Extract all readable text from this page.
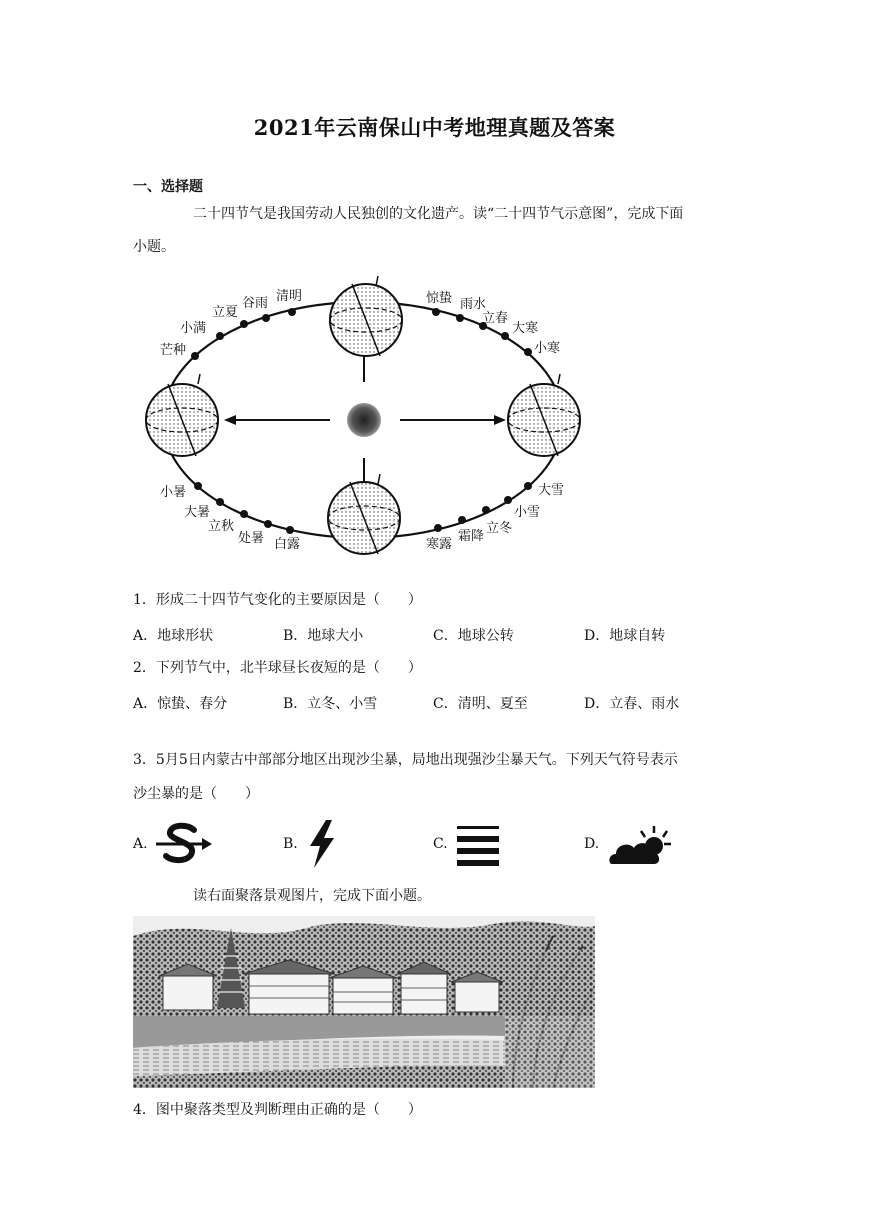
2021年云南保山中考地理真题及答案
一、选择题
二十四节气是我国劳动人民独创的文化遗产。读“二十四节气示意图”，完成下面
小题。
芒种
小满
立夏
谷雨 清明	惊蛰 雨水
立春
大寒
小寒
小暑
大暑
立秋
处暑 白露	寒露
霜降
立冬
小雪
大雪
1．形成二十四节气变化的主要原因是（　　）
A．地球形状	B．地球大小	C．地球公转	D．地球自转
2．下列节气中，北半球昼长夜短的是（　　）
A．惊蛰、春分	B．立冬、小雪	C．清明、夏至	D．立春、雨水
3．5月5日内蒙古中部部分地区出现沙尘暴，局地出现强沙尘暴天气。下列天气符号表示
沙尘暴的是（　　）
A.	B.	C.	D.
读右面聚落景观图片，完成下面小题。
4．图中聚落类型及判断理由正确的是（　　）
